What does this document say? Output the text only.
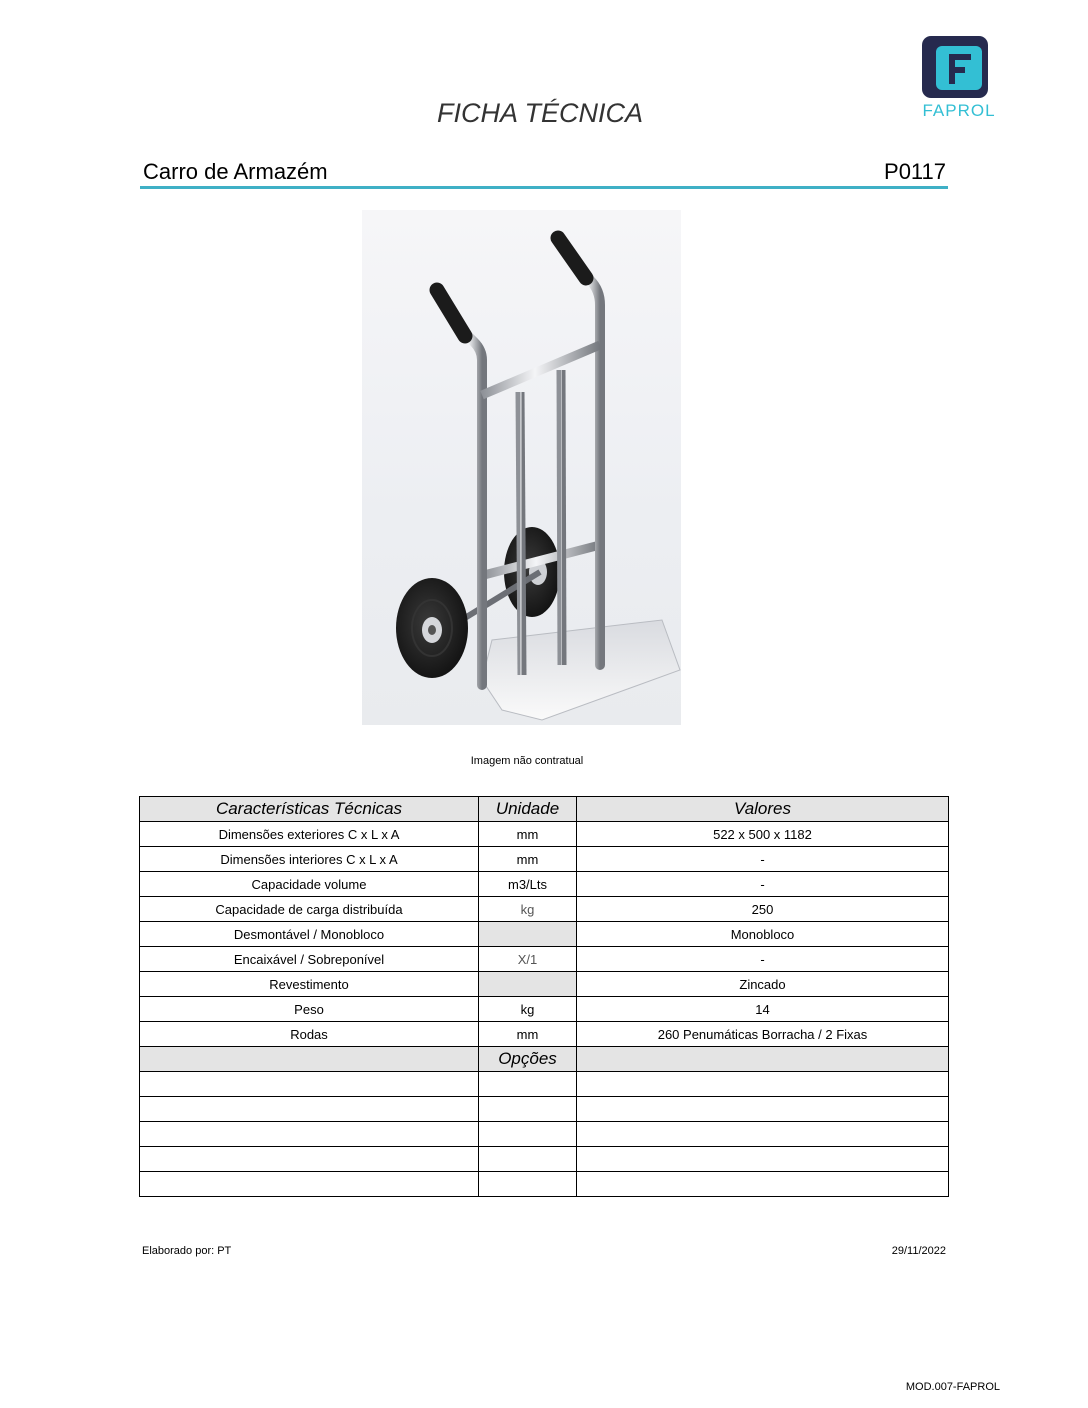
FAPROL
FICHA TÉCNICA
Carro de Armazém	P0117
Imagem não contratual
Características Técnicas	Unidade	Valores
Dimensões exteriores C x L x A	mm	522 x 500 x 1182
Dimensões interiores C x L x A	mm	-
Capacidade volume	m3/Lts	-
Capacidade de carga distribuída	kg	250
Desmontável / Monobloco		Monobloco
Encaixável / Sobreponível	X/1	-
Revestimento		Zincado
Peso	kg	14
Rodas	mm	260 Penumáticas Borracha / 2 Fixas
	Opções	

Elaborado por: PT	29/11/2022
MOD.007-FAPROL
